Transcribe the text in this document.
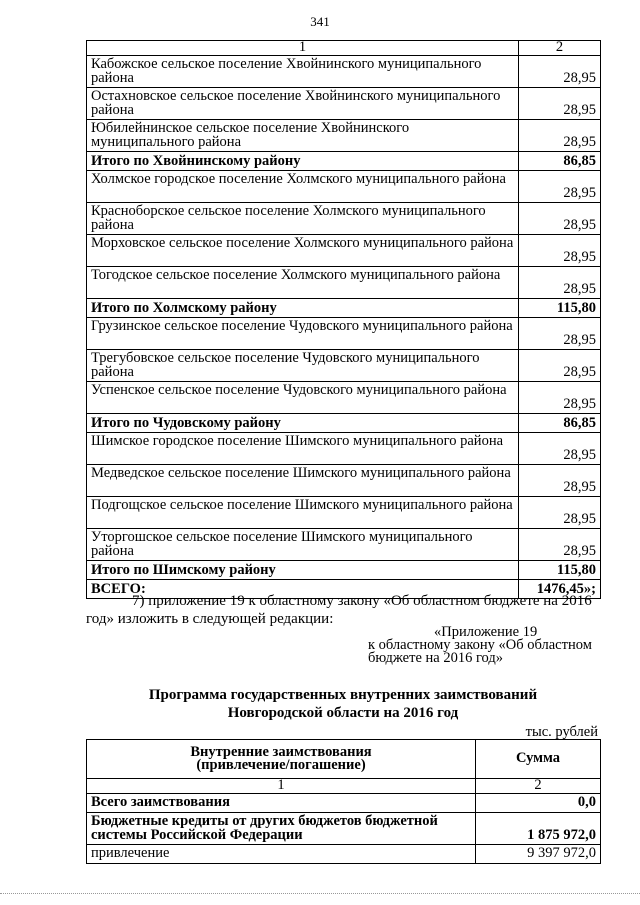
341
1	2
Кабожское сельское поселение Хвойнинского муниципального района	28,95
Остахновское сельское поселение Хвойнинского муниципального района	28,95
Юбилейнинское сельское поселение Хвойнинского муниципального района	28,95
Итого по Хвойнинскому району	86,85
Холмское городское поселение Холмского муниципального района	28,95
Красноборское сельское поселение Холмского муниципального района	28,95
Морховское сельское поселение Холмского муниципального района	28,95
Тогодское сельское поселение Холмского муниципального района	28,95
Итого по Холмскому району	115,80
Грузинское сельское поселение Чудовского муниципального района	28,95
Трегубовское сельское поселение Чудовского муниципального района	28,95
Успенское сельское поселение Чудовского муниципального района	28,95
Итого по Чудовскому району	86,85
Шимское городское поселение Шимского муниципального района	28,95
Медведское сельское поселение Шимского муниципального района	28,95
Подгощское сельское поселение Шимского муниципального района	28,95
Уторгошское сельское поселение Шимского муниципального района	28,95
Итого по Шимскому району	115,80
ВСЕГО:	1476,45»;
7) приложение 19 к областному закону «Об областном бюджете на 2016 год» изложить в следующей редакции:
«Приложение 19
к областному закону «Об областном
бюджете на 2016 год»
Программа государственных внутренних заимствований
Новгородской области на 2016 год
тыс. рублей
Внутренние заимствования
(привлечение/погашение)	Сумма
1	2
Всего заимствования	0,0
Бюджетные кредиты от других бюджетов бюджетной системы Российской Федерации	1 875 972,0
привлечение	9 397 972,0
